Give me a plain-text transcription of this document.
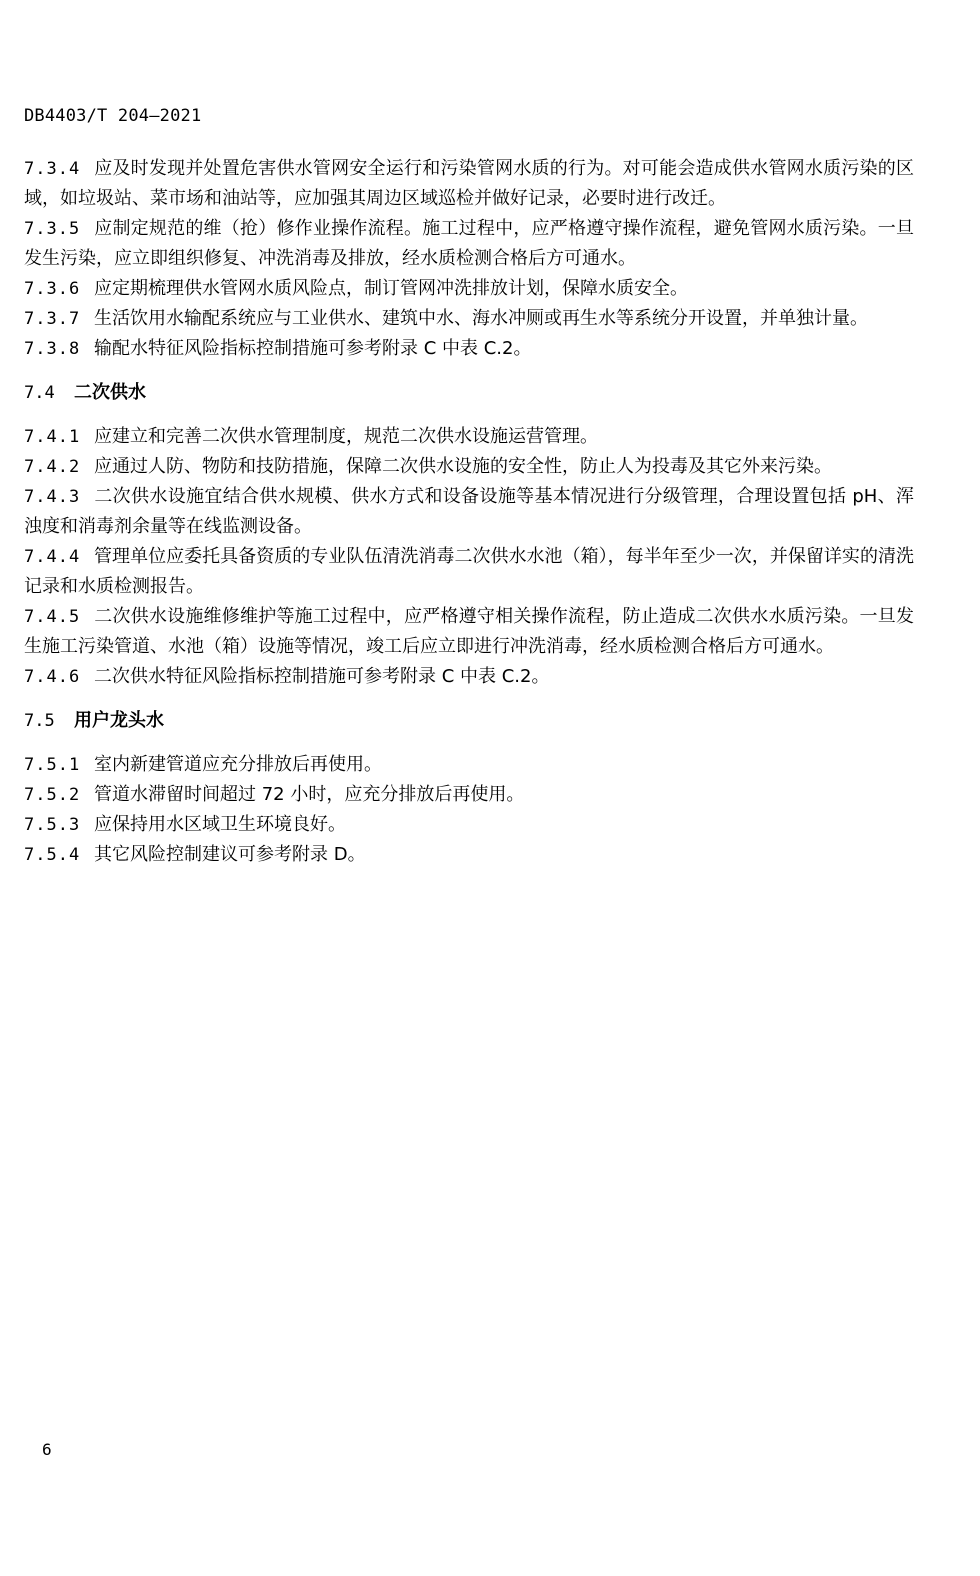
DB4403/T 204—2021

7.3.4 应及时发现并处置危害供水管网安全运行和污染管网水质的行为。对可能会造成供水管网水质污染的区域，如垃圾站、菜市场和油站等，应加强其周边区域巡检并做好记录，必要时进行改迁。

7.3.5 应制定规范的维（抢）修作业操作流程。施工过程中，应严格遵守操作流程，避免管网水质污染。一旦发生污染，应立即组织修复、冲洗消毒及排放，经水质检测合格后方可通水。

7.3.6 应定期梳理供水管网水质风险点，制订管网冲洗排放计划，保障水质安全。

7.3.7 生活饮用水输配系统应与工业供水、建筑中水、海水冲厕或再生水等系统分开设置，并单独计量。

7.3.8 输配水特征风险指标控制措施可参考附录 C 中表 C.2。

7.4 二次供水

7.4.1 应建立和完善二次供水管理制度，规范二次供水设施运营管理。

7.4.2 应通过人防、物防和技防措施，保障二次供水设施的安全性，防止人为投毒及其它外来污染。

7.4.3 二次供水设施宜结合供水规模、供水方式和设备设施等基本情况进行分级管理，合理设置包括 pH、浑浊度和消毒剂余量等在线监测设备。

7.4.4 管理单位应委托具备资质的专业队伍清洗消毒二次供水水池（箱），每半年至少一次，并保留详实的清洗记录和水质检测报告。

7.4.5 二次供水设施维修维护等施工过程中，应严格遵守相关操作流程，防止造成二次供水水质污染。一旦发生施工污染管道、水池（箱）设施等情况，竣工后应立即进行冲洗消毒，经水质检测合格后方可通水。

7.4.6 二次供水特征风险指标控制措施可参考附录 C 中表 C.2。

7.5 用户龙头水

7.5.1 室内新建管道应充分排放后再使用。

7.5.2 管道水滞留时间超过 72 小时，应充分排放后再使用。

7.5.3 应保持用水区域卫生环境良好。

7.5.4 其它风险控制建议可参考附录 D。

6
